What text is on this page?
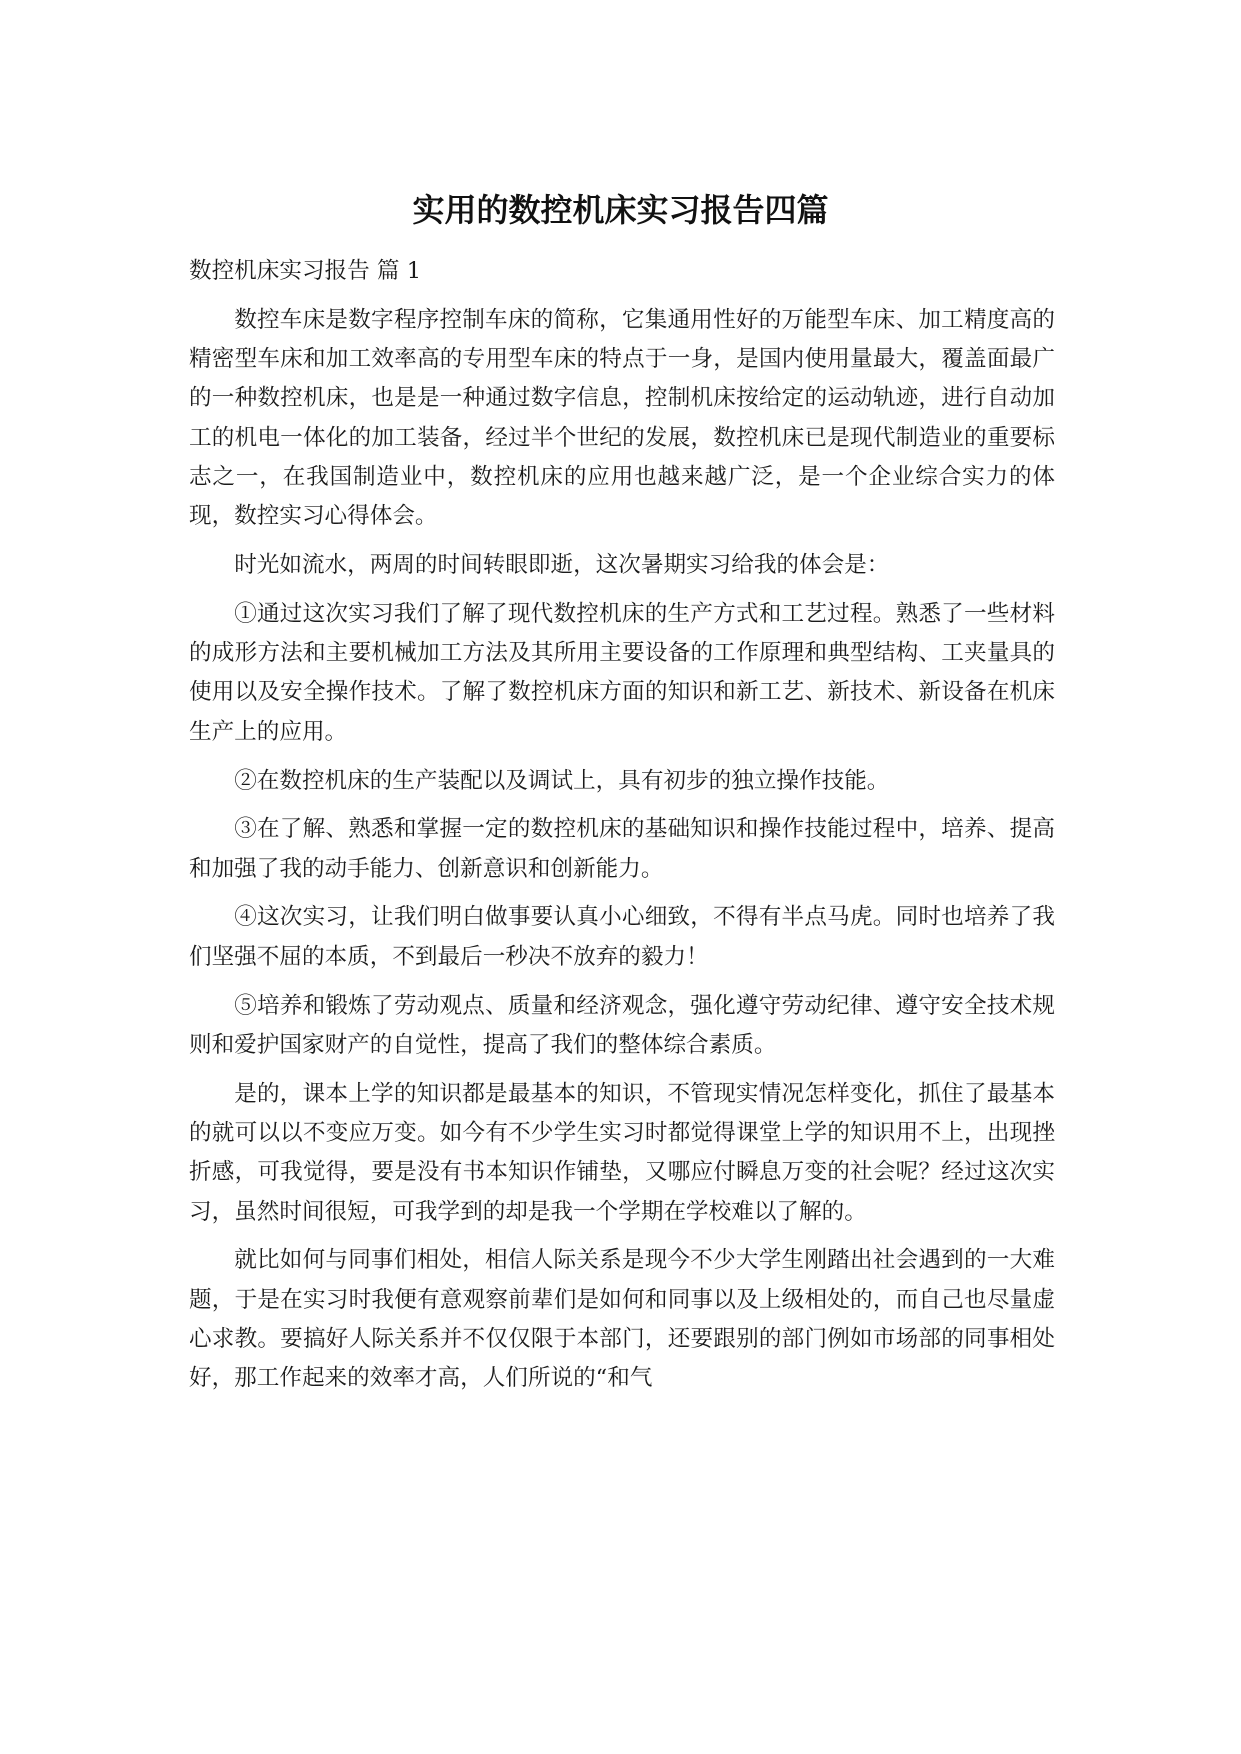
实用的数控机床实习报告四篇
数控机床实习报告 篇 1

数控车床是数字程序控制车床的简称，它集通用性好的万能型车床、加工精度高的精密型车床和加工效率高的专用型车床的特点于一身，是国内使用量最大，覆盖面最广的一种数控机床，也是是一种通过数字信息，控制机床按给定的运动轨迹，进行自动加工的机电一体化的加工装备，经过半个世纪的发展，数控机床已是现代制造业的重要标志之一，在我国制造业中，数控机床的应用也越来越广泛，是一个企业综合实力的体现，数控实习心得体会。

时光如流水，两周的时间转眼即逝，这次暑期实习给我的体会是：

①通过这次实习我们了解了现代数控机床的生产方式和工艺过程。熟悉了一些材料的成形方法和主要机械加工方法及其所用主要设备的工作原理和典型结构、工夹量具的使用以及安全操作技术。了解了数控机床方面的知识和新工艺、新技术、新设备在机床生产上的应用。

②在数控机床的生产装配以及调试上，具有初步的独立操作技能。

③在了解、熟悉和掌握一定的数控机床的基础知识和操作技能过程中，培养、提高和加强了我的动手能力、创新意识和创新能力。

④这次实习，让我们明白做事要认真小心细致，不得有半点马虎。同时也培养了我们坚强不屈的本质，不到最后一秒决不放弃的毅力！

⑤培养和锻炼了劳动观点、质量和经济观念，强化遵守劳动纪律、遵守安全技术规则和爱护国家财产的自觉性，提高了我们的整体综合素质。

是的，课本上学的知识都是最基本的知识，不管现实情况怎样变化，抓住了最基本的就可以以不变应万变。如今有不少学生实习时都觉得课堂上学的知识用不上，出现挫折感，可我觉得，要是没有书本知识作铺垫，又哪应付瞬息万变的社会呢？经过这次实习，虽然时间很短，可我学到的却是我一个学期在学校难以了解的。

就比如何与同事们相处，相信人际关系是现今不少大学生刚踏出社会遇到的一大难题，于是在实习时我便有意观察前辈们是如何和同事以及上级相处的，而自己也尽量虚心求教。要搞好人际关系并不仅仅限于本部门，还要跟别的部门例如市场部的同事相处好，那工作起来的效率才高，人们所说的“和气
